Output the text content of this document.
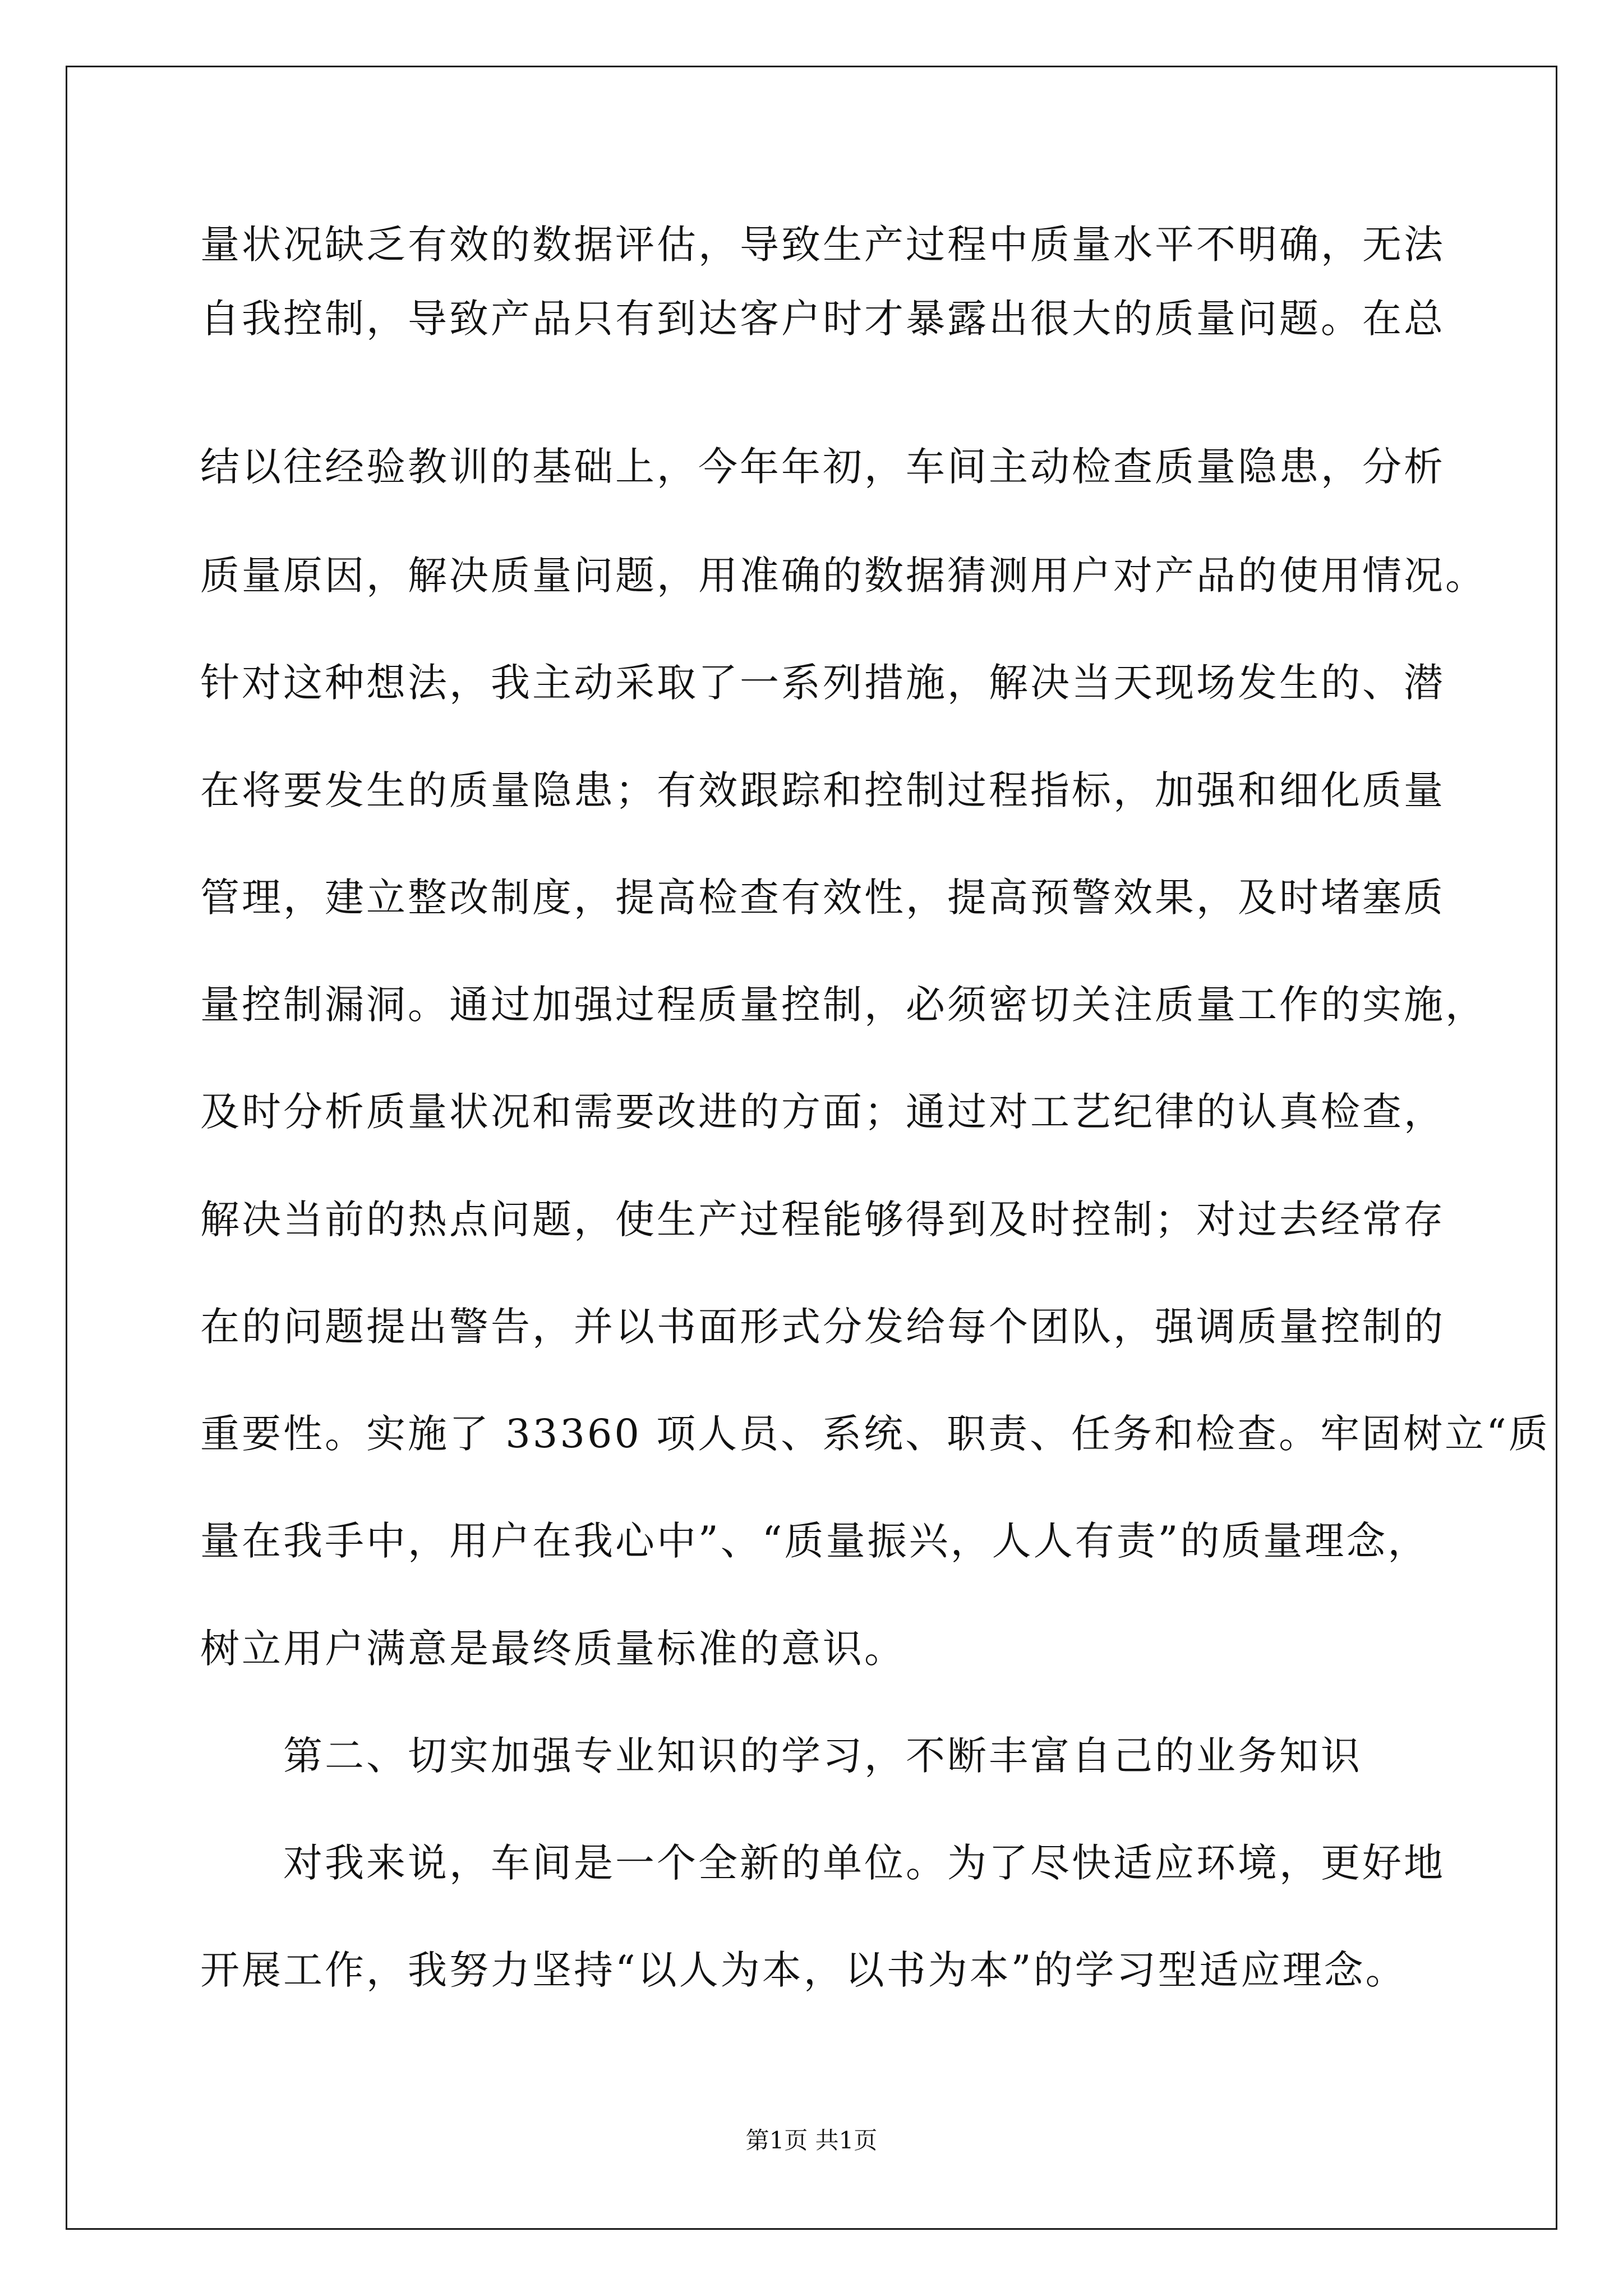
量状况缺乏有效的数据评估，导致生产过程中质量水平不明确，无法
自我控制，导致产品只有到达客户时才暴露出很大的质量问题。在总
结以往经验教训的基础上，今年年初，车间主动检查质量隐患，分析
质量原因，解决质量问题，用准确的数据猜测用户对产品的使用情况。
针对这种想法，我主动采取了一系列措施，解决当天现场发生的、潜
在将要发生的质量隐患；有效跟踪和控制过程指标，加强和细化质量
管理，建立整改制度，提高检查有效性，提高预警效果，及时堵塞质
量控制漏洞。通过加强过程质量控制，必须密切关注质量工作的实施，
及时分析质量状况和需要改进的方面；通过对工艺纪律的认真检查，
解决当前的热点问题，使生产过程能够得到及时控制；对过去经常存
在的问题提出警告，并以书面形式分发给每个团队，强调质量控制的
重要性。实施了 33360 项人员、系统、职责、任务和检查。牢固树立“质
量在我手中，用户在我心中”、“质量振兴，人人有责”的质量理念，
树立用户满意是最终质量标准的意识。
第二、切实加强专业知识的学习，不断丰富自己的业务知识
对我来说，车间是一个全新的单位。为了尽快适应环境，更好地
开展工作，我努力坚持“以人为本，以书为本”的学习型适应理念。
第1页 共1页
